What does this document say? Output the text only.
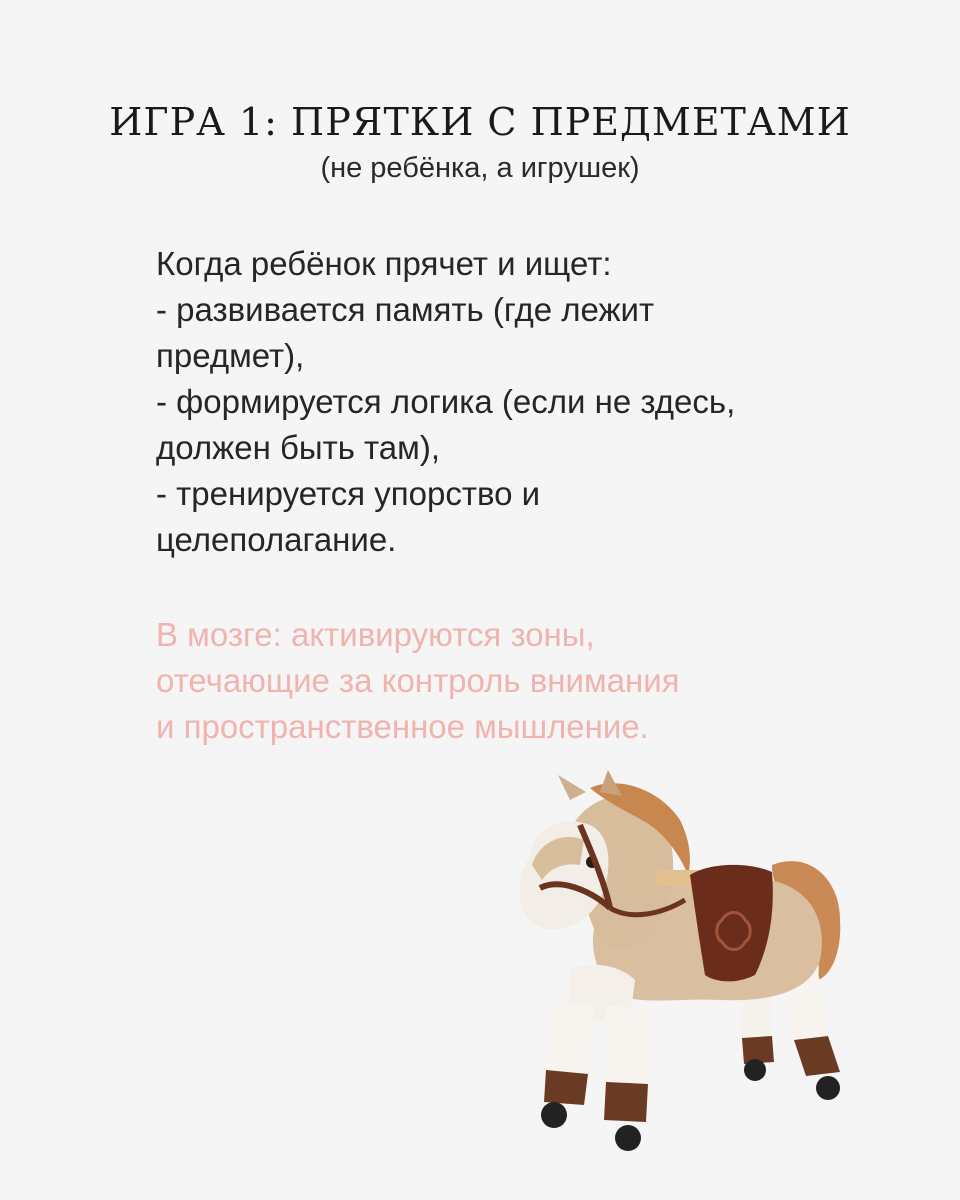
ИГРА 1: ПРЯТКИ С ПРЕДМЕТАМИ
(не ребёнка, а игрушек)
Когда ребёнок прячет и ищет:
- развивается память (где лежит
предмет),
- формируется логика (если не здесь,
должен быть там),
- тренируется упорство и
целеполагание.
В мозге: активируются зоны,
отечающие за контроль внимания
и пространственное мышление.
